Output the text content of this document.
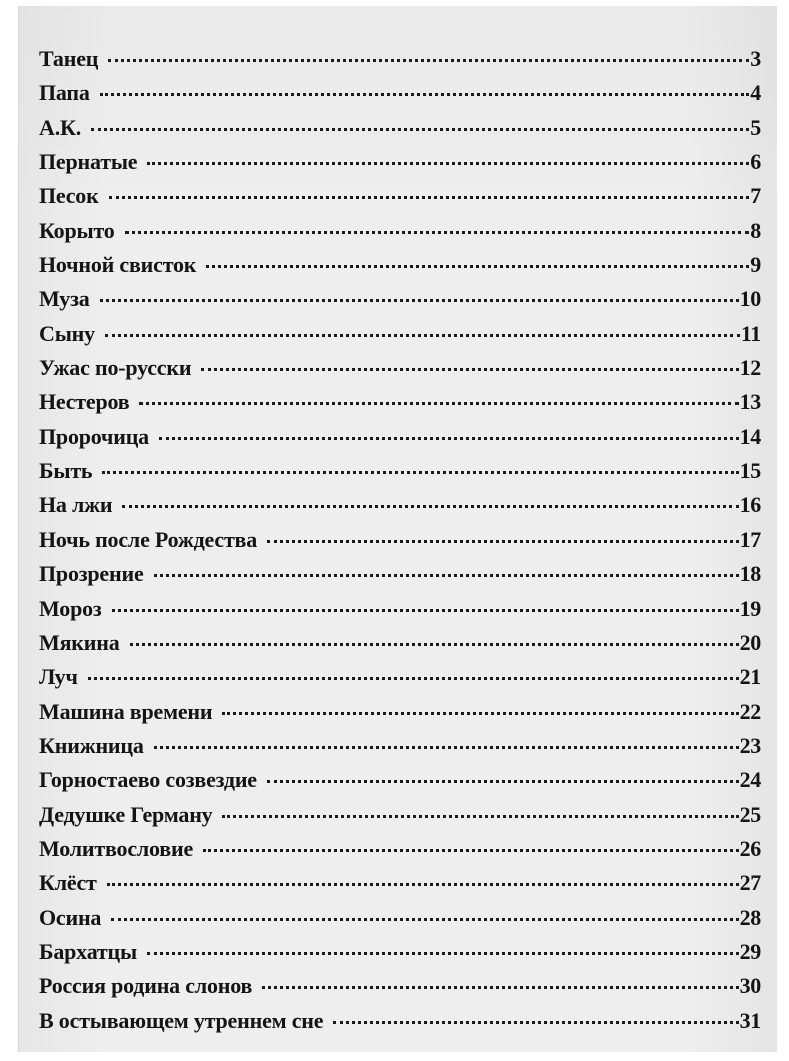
Танец	3
Папа	4
А.К.	5
Пернатые	6
Песок	7
Корыто	8
Ночной свисток	9
Муза	10
Сыну	11
Ужас по-русски	12
Нестеров	13
Пророчица	14
Быть	15
На лжи	16
Ночь после Рождества	17
Прозрение	18
Мороз	19
Мякина	20
Луч	21
Машина времени	22
Книжница	23
Горностаево созвездие	24
Дедушке Герману	25
Молитвословие	26
Клёст	27
Осина	28
Бархатцы	29
Россия родина слонов	30
В остывающем утреннем сне	31
